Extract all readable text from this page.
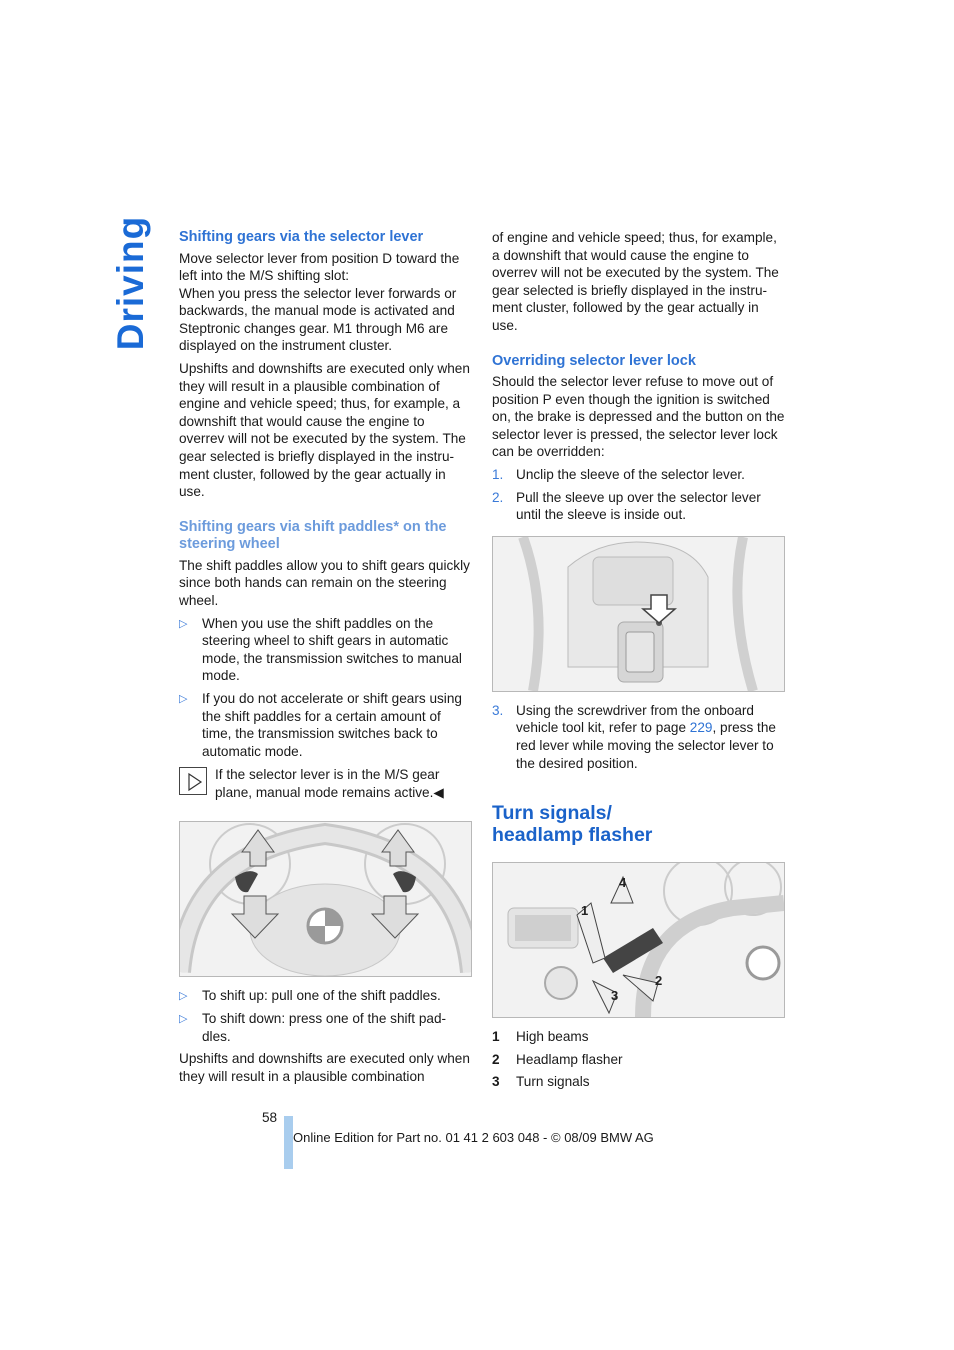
Driving Shifting gears via the selector lever
Move selector lever from position D toward the left into the M/S shifting slot:
When you press the selector lever forwards or backwards, the manual mode is activated and Steptronic changes gear. M1 through M6 are displayed on the instrument cluster.
Upshifts and downshifts are executed only when they will result in a plausible combination of engine and vehicle speed; thus, for example, a downshift that would cause the engine to overrev will not be executed by the system. The gear selected is briefly displayed in the instru-ment cluster, followed by the gear actually in use.
Shifting gears via shift paddles* on the steering wheel
The shift paddles allow you to shift gears quickly since both hands can remain on the steering wheel.
▷	When you use the shift paddles on the steering wheel to shift gears in automatic mode, the transmission switches to manual mode.
▷	If you do not accelerate or shift gears using the shift paddles for a certain amount of time, the transmission switches back to automatic mode.
If the selector lever is in the M/S gear plane, manual mode remains active.◀
▷	To shift up: pull one of the shift paddles.
▷	To shift down: press one of the shift pad-dles.
Upshifts and downshifts are executed only when they will result in a plausible combination
of engine and vehicle speed; thus, for example, a downshift that would cause the engine to overrev will not be executed by the system. The gear selected is briefly displayed in the instru-ment cluster, followed by the gear actually in use.
Overriding selector lever lock
Should the selector lever refuse to move out of position P even though the ignition is switched on, the brake is depressed and the button on the selector lever is pressed, the selector lever lock can be overridden:
1. Unclip the sleeve of the selector lever.
2. Pull the sleeve up over the selector lever until the sleeve is inside out.
3. Using the screwdriver from the onboard vehicle tool kit, refer to page 229, press the red lever while moving the selector lever to the desired position.
Turn signals/ headlamp flasher
1
2
3
4
1	High beams
2	Headlamp flasher
3	Turn signals
58
Online Edition for Part no. 01 41 2 603 048 - © 08/09 BMW AG
